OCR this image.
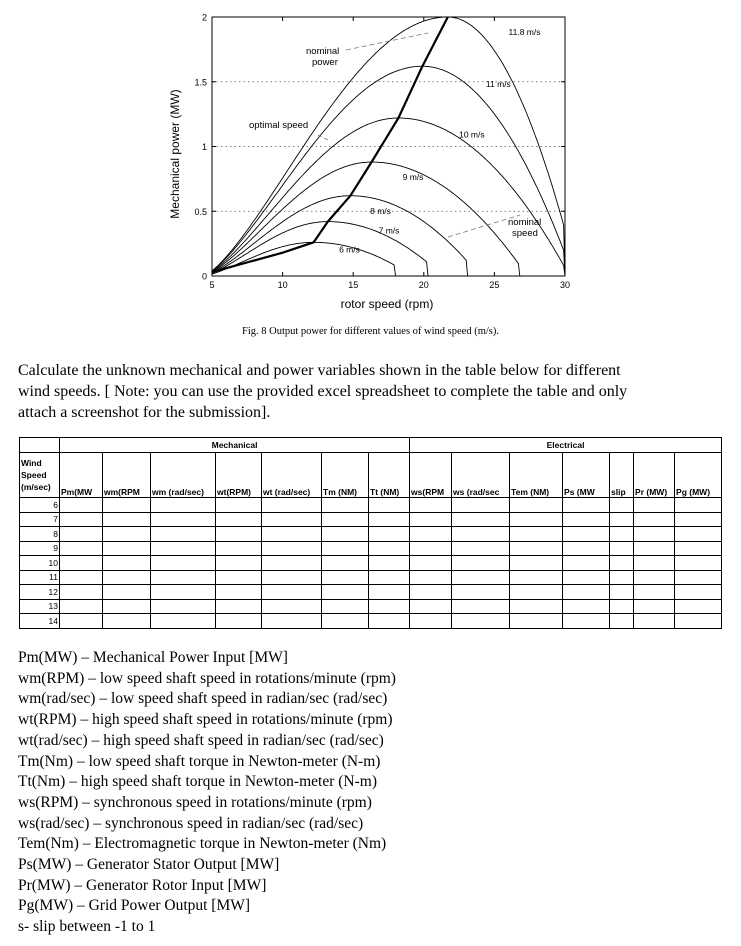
nominal power
optimal speed
nominal speed
6 m/s
7 m/s
8 m/s
9 m/s
10 m/s
11 m/s
11.8 m/s
5	10	15	20	25	30
0
0.5
1
1.5
2
rotor speed (rpm)
Mechanical power (MW)
Fig. 8 Output power for different values of wind speed (m/s).

Calculate the unknown mechanical and power variables shown in the table below for different

wind speeds. [ Note: you can use the provided excel spreadsheet to complete the table and only

attach a screenshot for the submission].

	Mechanical							Electrical						
Wind
Speed
(m/sec)	Pm(MW	wm(RPM	wm (rad/sec)	wt(RPM)	wt (rad/sec)	Tm (NM)	Tt (NM)	ws(RPM	ws (rad/sec	Tem (NM)	Ps (MW	slip	Pr (MW)	Pg (MW)
6														
7														
8														
9														
10														
11														
12														
13														
14														
Pm(MW) – Mechanical Power Input [MW]
wm(RPM) – low speed shaft speed in rotations/minute (rpm)
wm(rad/sec) – low speed shaft speed in radian/sec (rad/sec)
wt(RPM) – high speed shaft speed in rotations/minute (rpm)
wt(rad/sec) – high speed shaft speed in radian/sec (rad/sec)
Tm(Nm) – low speed shaft torque in Newton-meter (N-m)
Tt(Nm) – high speed shaft torque in Newton-meter (N-m)
ws(RPM) – synchronous speed in rotations/minute (rpm)
ws(rad/sec) – synchronous speed in radian/sec (rad/sec)
Tem(Nm) – Electromagnetic torque in Newton-meter (Nm)
Ps(MW) – Generator Stator Output [MW]
Pr(MW) – Generator Rotor Input [MW]
Pg(MW) – Grid Power Output [MW]
s- slip between -1 to 1
